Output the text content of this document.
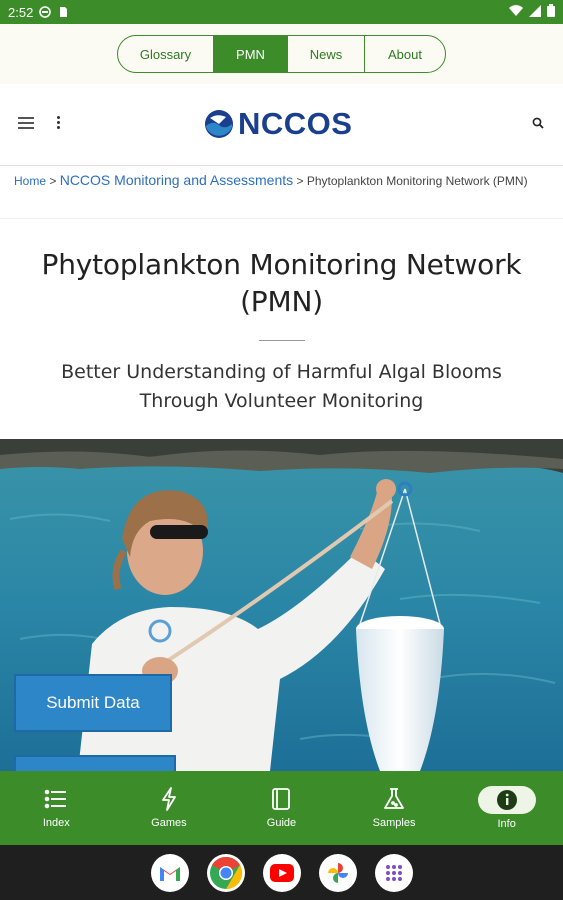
2:52
Glossary	PMN	News	About
NCCOS
Home > NCCOS Monitoring and Assessments > Phytoplankton Monitoring Network (PMN)
Phytoplankton Monitoring Network (PMN)

Better Understanding of Harmful Algal Blooms Through Volunteer Monitoring

Submit Data
Index	Games	Guide	Samples	Info
